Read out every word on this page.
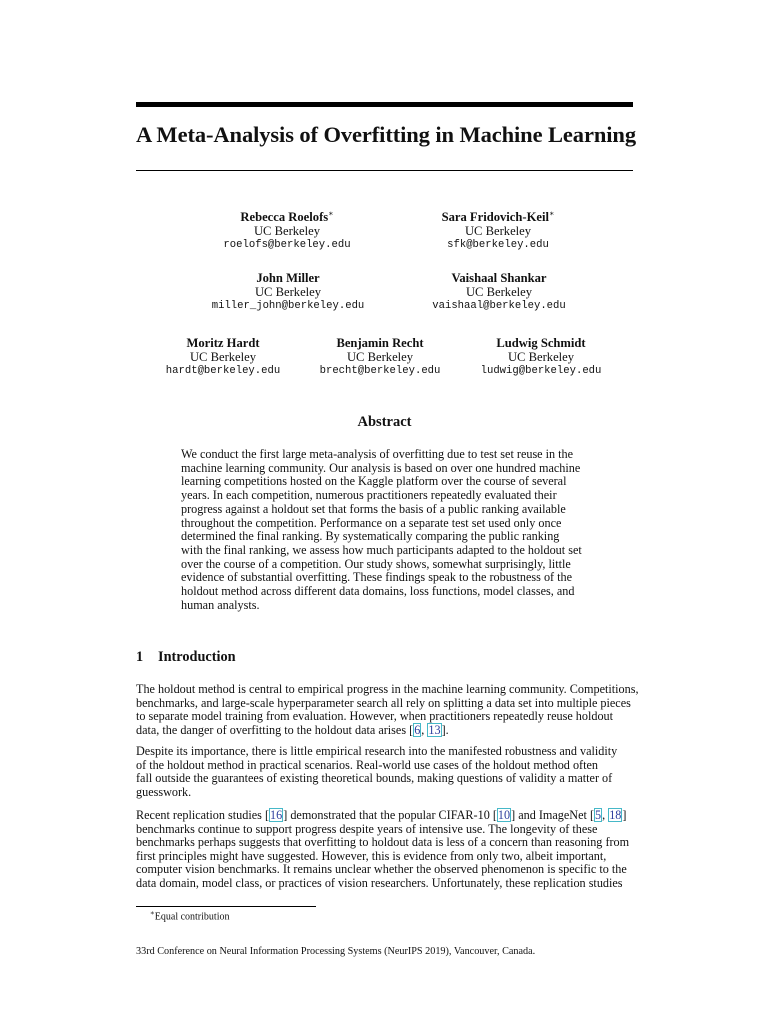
A Meta-Analysis of Overfitting in Machine Learning
Rebecca Roelofs∗
UC Berkeley
roelofs@berkeley.edu
Sara Fridovich-Keil∗
UC Berkeley
sfk@berkeley.edu
John Miller
UC Berkeley
miller_john@berkeley.edu
Vaishaal Shankar
UC Berkeley
vaishaal@berkeley.edu
Moritz Hardt
UC Berkeley
hardt@berkeley.edu
Benjamin Recht
UC Berkeley
brecht@berkeley.edu
Ludwig Schmidt
UC Berkeley
ludwig@berkeley.edu
Abstract
We conduct the first large meta-analysis of overfitting due to test set reuse in the
machine learning community. Our analysis is based on over one hundred machine
learning competitions hosted on the Kaggle platform over the course of several
years. In each competition, numerous practitioners repeatedly evaluated their
progress against a holdout set that forms the basis of a public ranking available
throughout the competition. Performance on a separate test set used only once
determined the final ranking. By systematically comparing the public ranking
with the final ranking, we assess how much participants adapted to the holdout set
over the course of a competition. Our study shows, somewhat surprisingly, little
evidence of substantial overfitting. These findings speak to the robustness of the
holdout method across different data domains, loss functions, model classes, and
human analysts.
1 Introduction
The holdout method is central to empirical progress in the machine learning community. Competitions,
benchmarks, and large-scale hyperparameter search all rely on splitting a data set into multiple pieces
to separate model training from evaluation. However, when practitioners repeatedly reuse holdout
data, the danger of overfitting to the holdout data arises [6, 13].
Despite its importance, there is little empirical research into the manifested robustness and validity
of the holdout method in practical scenarios. Real-world use cases of the holdout method often
fall outside the guarantees of existing theoretical bounds, making questions of validity a matter of
guesswork.
Recent replication studies [16] demonstrated that the popular CIFAR-10 [10] and ImageNet [5, 18]
benchmarks continue to support progress despite years of intensive use. The longevity of these
benchmarks perhaps suggests that overfitting to holdout data is less of a concern than reasoning from
first principles might have suggested. However, this is evidence from only two, albeit important,
computer vision benchmarks. It remains unclear whether the observed phenomenon is specific to the
data domain, model class, or practices of vision researchers. Unfortunately, these replication studies
∗Equal contribution
33rd Conference on Neural Information Processing Systems (NeurIPS 2019), Vancouver, Canada.
